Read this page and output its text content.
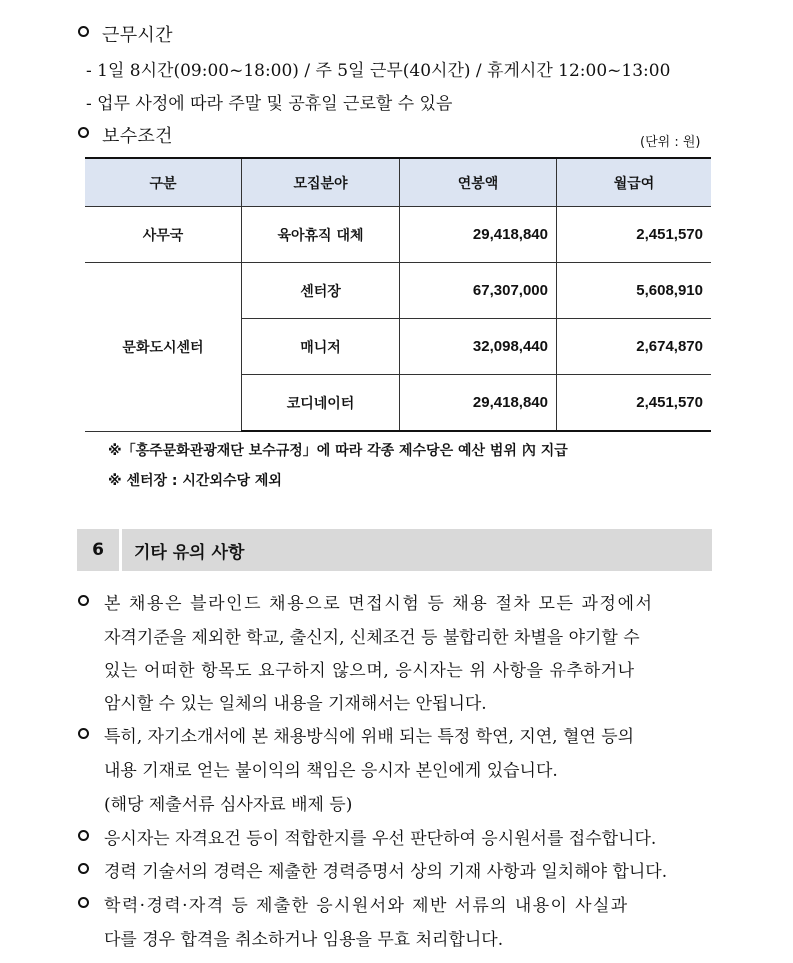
근무시간
- 1일 8시간(09:00~18:00) / 주 5일 근무(40시간) / 휴게시간 12:00~13:00
- 업무 사정에 따라 주말 및 공휴일 근로할 수 있음
보수조건	(단위 : 원)
구분	모집분야	연봉액	월급여
사무국	육아휴직 대체	29,418,840	2,451,570
문화도시센터	센터장	67,307,000	5,608,910
	매니저	32,098,440	2,674,870
	코디네이터	29,418,840	2,451,570
※「홍주문화관광재단 보수규정」에 따라 각종 제수당은 예산 범위 內 지급
※ 센터장 : 시간외수당 제외
6	기타 유의 사항
본 채용은 블라인드 채용으로 면접시험 등 채용 절차 모든 과정에서
자격기준을 제외한 학교, 출신지, 신체조건 등 불합리한 차별을 야기할 수
있는 어떠한 항목도 요구하지 않으며, 응시자는 위 사항을 유추하거나
암시할 수 있는 일체의 내용을 기재해서는 안됩니다.
특히, 자기소개서에 본 채용방식에 위배 되는 특정 학연, 지연, 혈연 등의
내용 기재로 얻는 불이익의 책임은 응시자 본인에게 있습니다.
(해당 제출서류 심사자료 배제 등)
응시자는 자격요건 등이 적합한지를 우선 판단하여 응시원서를 접수합니다.
경력 기술서의 경력은 제출한 경력증명서 상의 기재 사항과 일치해야 합니다.
학력·경력·자격 등 제출한 응시원서와 제반 서류의 내용이 사실과
다를 경우 합격을 취소하거나 임용을 무효 처리합니다.
